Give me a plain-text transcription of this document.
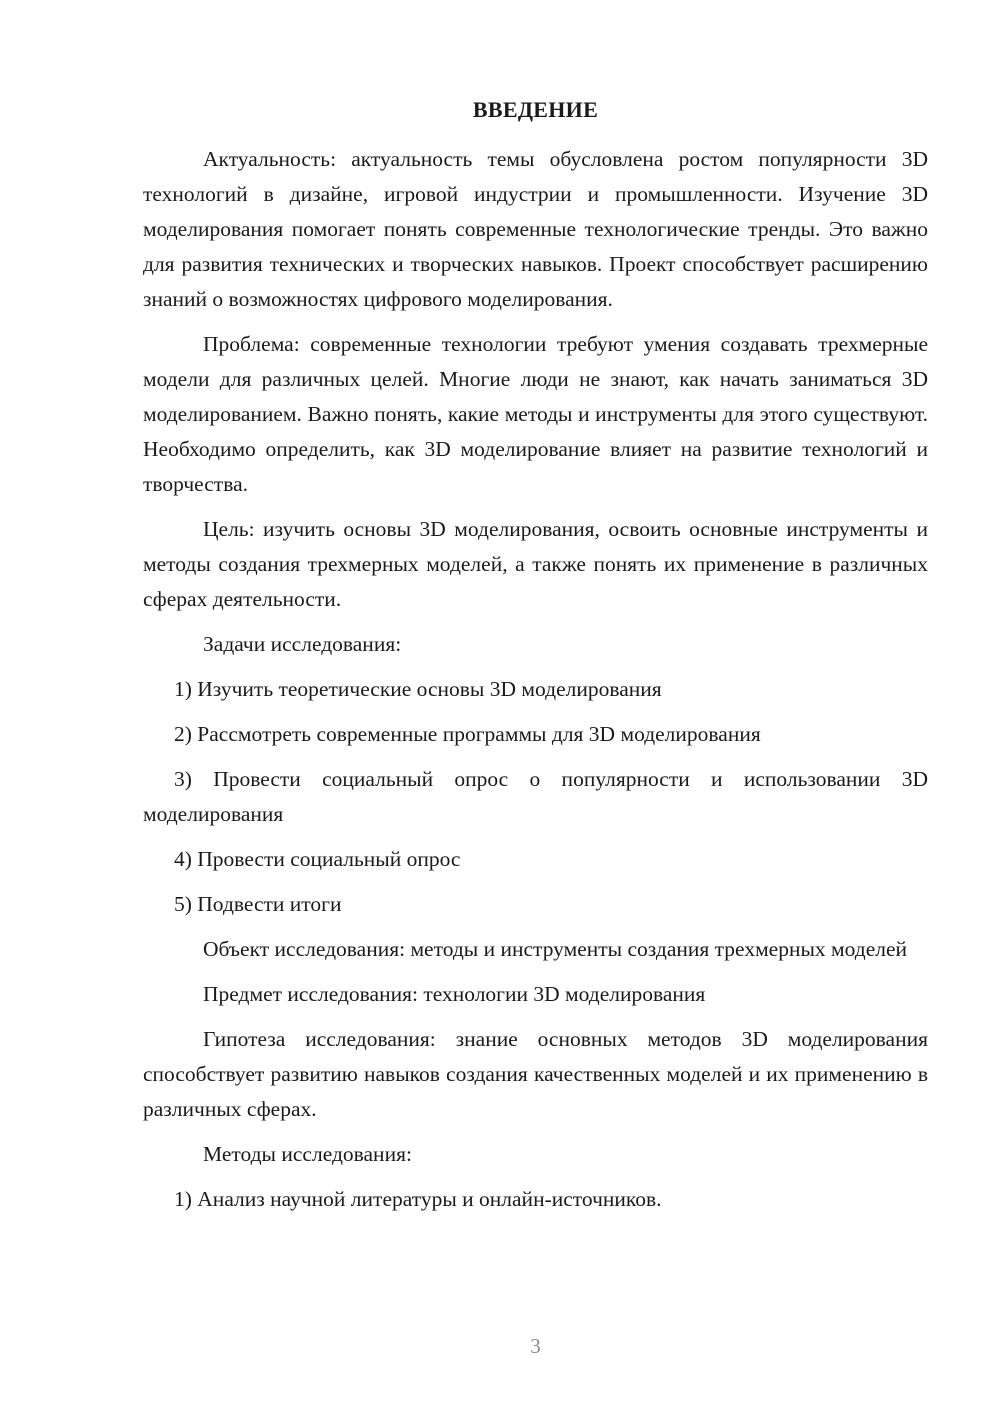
ВВЕДЕНИЕ

Актуальность: актуальность темы обусловлена ростом популярности 3D технологий в дизайне, игровой индустрии и промышленности. Изучение 3D моделирования помогает понять современные технологические тренды. Это важно для развития технических и творческих навыков. Проект способствует расширению знаний о возможностях цифрового моделирования.

Проблема: современные технологии требуют умения создавать трехмерные модели для различных целей. Многие люди не знают, как начать заниматься 3D моделированием. Важно понять, какие методы и инструменты для этого существуют. Необходимо определить, как 3D моделирование влияет на развитие технологий и творчества.

Цель: изучить основы 3D моделирования, освоить основные инструменты и методы создания трехмерных моделей, а также понять их применение в различных сферах деятельности.

Задачи исследования:

1) Изучить теоретические основы 3D моделирования

2) Рассмотреть современные программы для 3D моделирования

3) Провести социальный опрос о популярности и использовании 3D моделирования

4) Провести социальный опрос

5) Подвести итоги

Объект исследования: методы и инструменты создания трехмерных моделей

Предмет исследования: технологии 3D моделирования

Гипотеза исследования: знание основных методов 3D моделирования способствует развитию навыков создания качественных моделей и их применению в различных сферах.

Методы исследования:

1) Анализ научной литературы и онлайн-источников.

3
